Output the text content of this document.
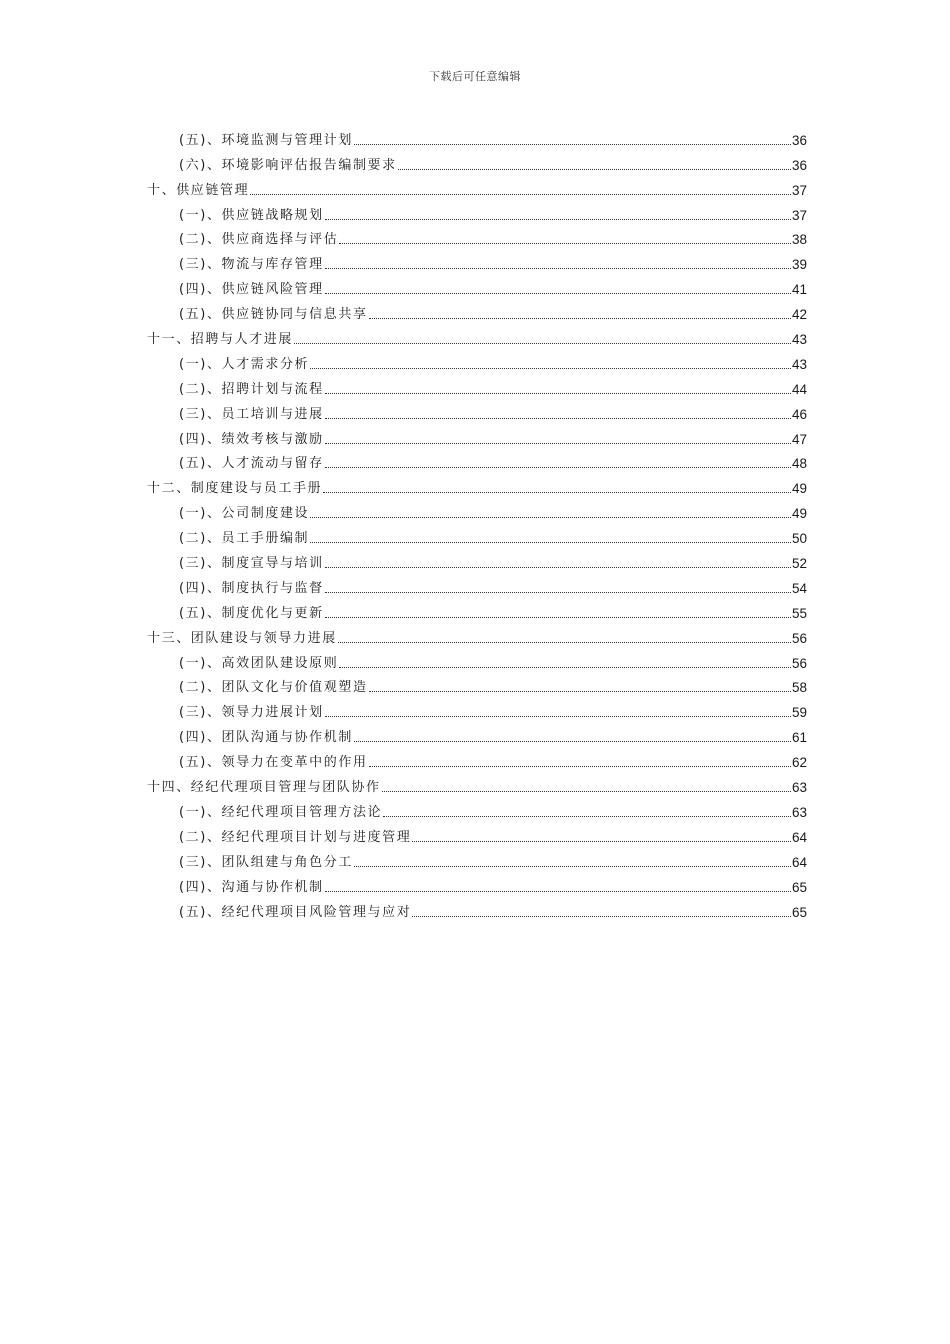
下载后可任意编辑
(五)、环境监测与管理计划	36
(六)、环境影响评估报告编制要求	36
十、供应链管理	37
(一)、供应链战略规划	37
(二)、供应商选择与评估	38
(三)、物流与库存管理	39
(四)、供应链风险管理	41
(五)、供应链协同与信息共享	42
十一、招聘与人才进展	43
(一)、人才需求分析	43
(二)、招聘计划与流程	44
(三)、员工培训与进展	46
(四)、绩效考核与激励	47
(五)、人才流动与留存	48
十二、制度建设与员工手册	49
(一)、公司制度建设	49
(二)、员工手册编制	50
(三)、制度宣导与培训	52
(四)、制度执行与监督	54
(五)、制度优化与更新	55
十三、团队建设与领导力进展	56
(一)、高效团队建设原则	56
(二)、团队文化与价值观塑造	58
(三)、领导力进展计划	59
(四)、团队沟通与协作机制	61
(五)、领导力在变革中的作用	62
十四、经纪代理项目管理与团队协作	63
(一)、经纪代理项目管理方法论	63
(二)、经纪代理项目计划与进度管理	64
(三)、团队组建与角色分工	64
(四)、沟通与协作机制	65
(五)、经纪代理项目风险管理与应对	65
